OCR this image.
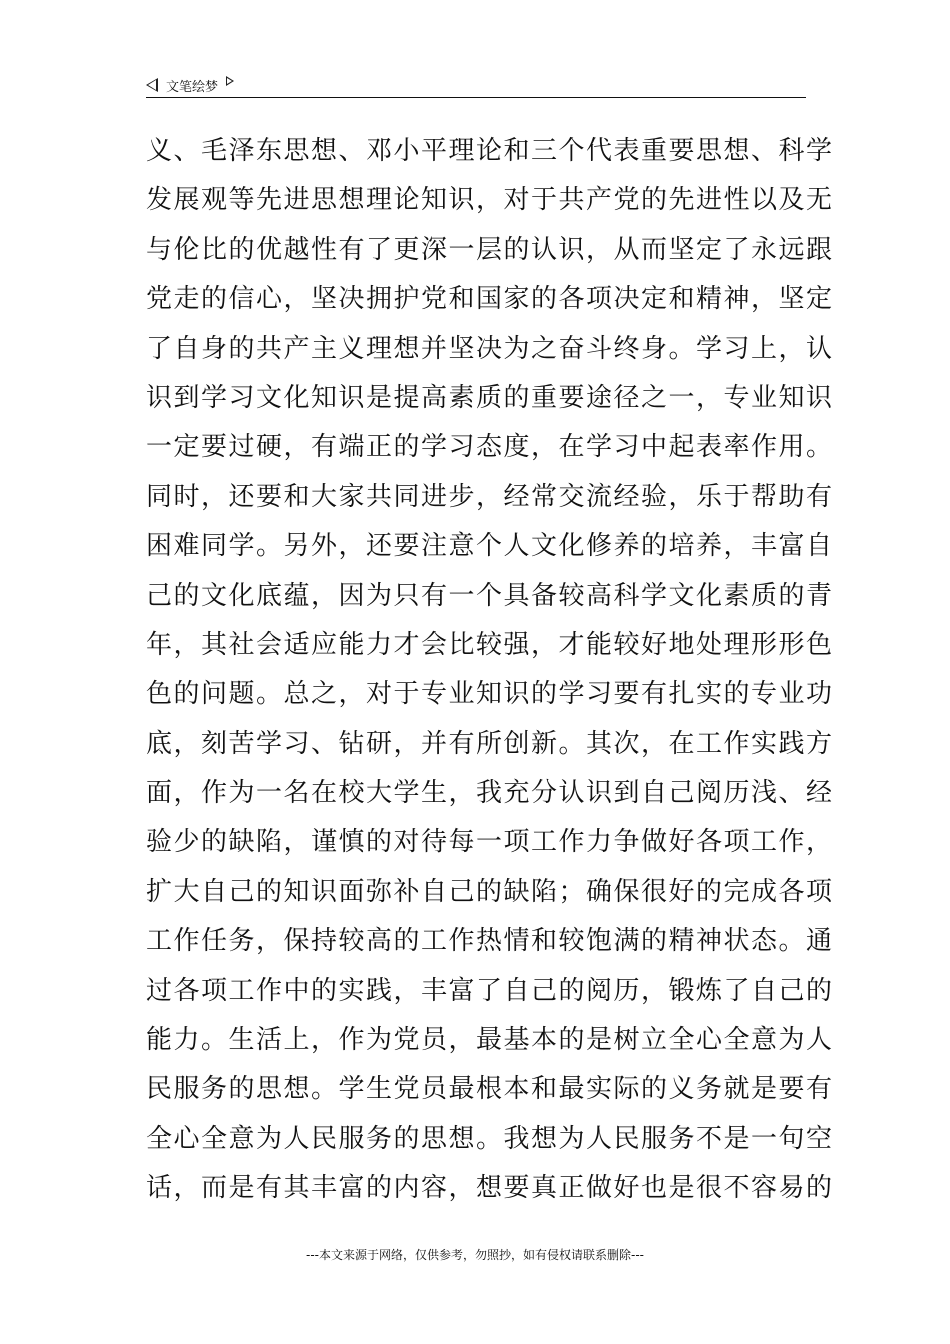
文笔绘梦
义、毛泽东思想、邓小平理论和三个代表重要思想、科学
发展观等先进思想理论知识，对于共产党的先进性以及无
与伦比的优越性有了更深一层的认识，从而坚定了永远跟
党走的信心，坚决拥护党和国家的各项决定和精神，坚定
了自身的共产主义理想并坚决为之奋斗终身。学习上，认
识到学习文化知识是提高素质的重要途径之一，专业知识
一定要过硬，有端正的学习态度，在学习中起表率作用。
同时，还要和大家共同进步，经常交流经验，乐于帮助有
困难同学。另外，还要注意个人文化修养的培养，丰富自
己的文化底蕴，因为只有一个具备较高科学文化素质的青
年，其社会适应能力才会比较强，才能较好地处理形形色
色的问题。总之，对于专业知识的学习要有扎实的专业功
底，刻苦学习、钻研，并有所创新。其次，在工作实践方
面，作为一名在校大学生，我充分认识到自己阅历浅、经
验少的缺陷，谨慎的对待每一项工作力争做好各项工作，
扩大自己的知识面弥补自己的缺陷；确保很好的完成各项
工作任务，保持较高的工作热情和较饱满的精神状态。通
过各项工作中的实践，丰富了自己的阅历，锻炼了自己的
能力。生活上，作为党员，最基本的是树立全心全意为人
民服务的思想。学生党员最根本和最实际的义务就是要有
全心全意为人民服务的思想。我想为人民服务不是一句空
话，而是有其丰富的内容，想要真正做好也是很不容易的
---本文来源于网络，仅供参考，勿照抄，如有侵权请联系删除---
